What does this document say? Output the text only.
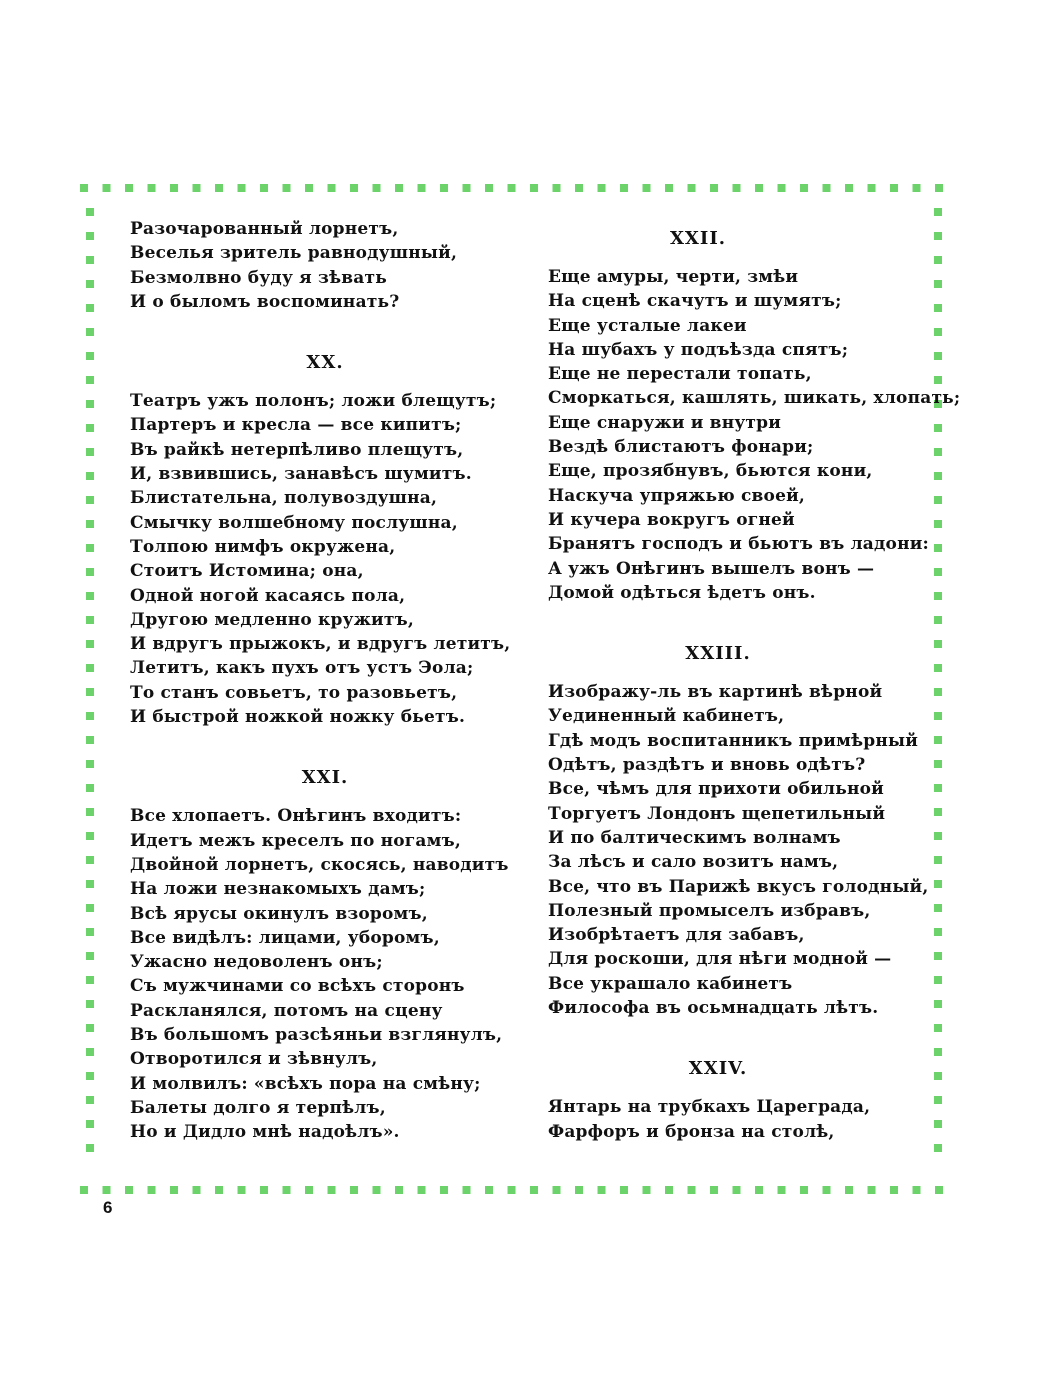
Разочарованный лорнетъ,
Веселья зритель равнодушный,
Безмолвно буду я зѣвать
И о быломъ воспоминать?
XX.
Театръ ужъ полонъ; ложи блещутъ;
Партеръ и кресла — все кипитъ;
Въ райкѣ нетерпѣливо плещутъ,
И, взвившись, занавѣсъ шумитъ.
Блистательна, полувоздушна,
Смычку волшебному послушна,
Толпою нимфъ окружена,
Стоитъ Истомина; она,
Одной ногой касаясь пола,
Другою медленно кружитъ,
И вдругъ прыжокъ, и вдругъ летитъ,
Летитъ, какъ пухъ отъ устъ Эола;
То станъ совьетъ, то разовьетъ,
И быстрой ножкой ножку бьетъ.
XXI.
Все хлопаетъ. Онѣгинъ входитъ:
Идетъ межъ креселъ по ногамъ,
Двойной лорнетъ, скосясь, наводитъ
На ложи незнакомыхъ дамъ;
Всѣ ярусы окинулъ взоромъ,
Все видѣлъ: лицами, уборомъ,
Ужасно недоволенъ онъ;
Съ мужчинами со всѣхъ сторонъ
Раскланялся, потомъ на сцену
Въ большомъ разсѣяньи взглянулъ,
Отворотился и зѣвнулъ,
И молвилъ: «всѣхъ пора на смѣну;
Балеты долго я терпѣлъ,
Но и Дидло мнѣ надоѣлъ».
XXII.
Еще амуры, черти, змѣи
На сценѣ скачутъ и шумятъ;
Еще усталые лакеи
На шубахъ у подъѣзда спятъ;
Еще не перестали топать,
Сморкаться, кашлять, шикать, хлопать;
Еще снаружи и внутри
Вездѣ блистаютъ фонари;
Еще, прозябнувъ, бьются кони,
Наскуча упряжью своей,
И кучера вокругъ огней
Бранятъ господъ и бьютъ въ ладони:
А ужъ Онѣгинъ вышелъ вонъ —
Домой одѣться ѣдетъ онъ.
XXIII.
Изображу-ль въ картинѣ вѣрной
Уединенный кабинетъ,
Гдѣ модъ воспитанникъ примѣрный
Одѣтъ, раздѣтъ и вновь одѣтъ?
Все, чѣмъ для прихоти обильной
Торгуетъ Лондонъ щепетильный
И по балтическимъ волнамъ
За лѣсъ и сало возитъ намъ,
Все, что въ Парижѣ вкусъ голодный,
Полезный промыселъ избравъ,
Изобрѣтаетъ для забавъ,
Для роскоши, для нѣги модной —
Все украшало кабинетъ
Философа въ осьмнадцать лѣтъ.
XXIV.
Янтарь на трубкахъ Цареграда,
Фарфоръ и бронза на столѣ,
6
